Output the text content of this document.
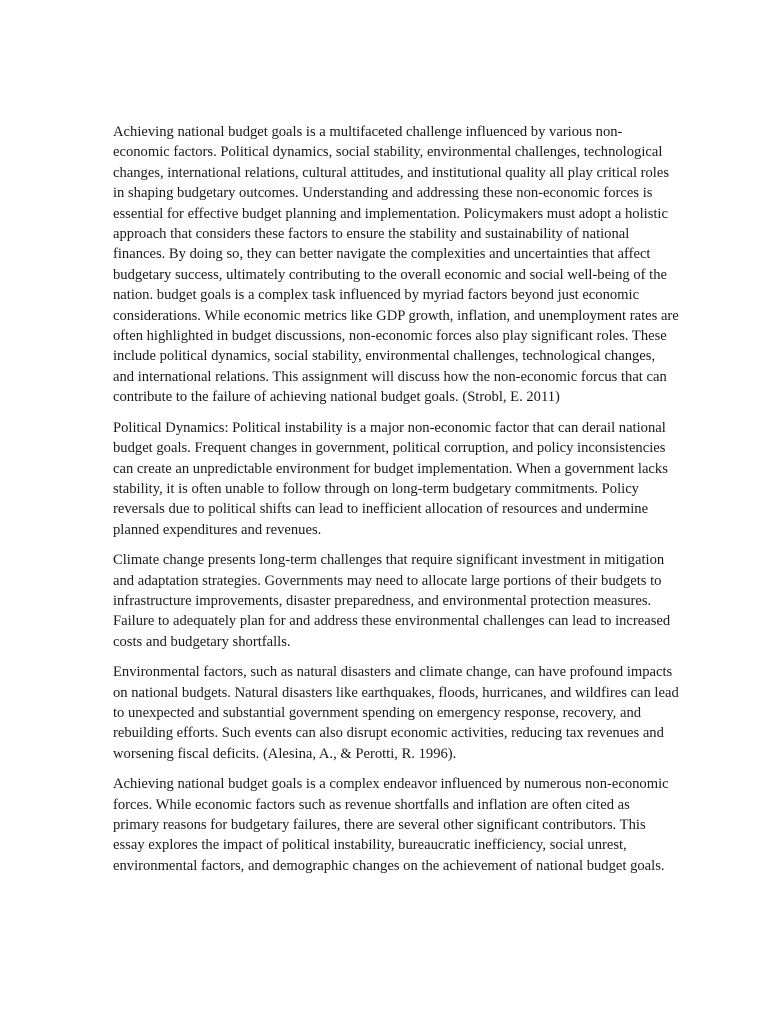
Achieving national budget goals is a multifaceted challenge influenced by various non-economic factors. Political dynamics, social stability, environmental challenges, technological changes, international relations, cultural attitudes, and institutional quality all play critical roles in shaping budgetary outcomes. Understanding and addressing these non-economic forces is essential for effective budget planning and implementation. Policymakers must adopt a holistic approach that considers these factors to ensure the stability and sustainability of national finances. By doing so, they can better navigate the complexities and uncertainties that affect budgetary success, ultimately contributing to the overall economic and social well-being of the nation. budget goals is a complex task influenced by myriad factors beyond just economic considerations. While economic metrics like GDP growth, inflation, and unemployment rates are often highlighted in budget discussions, non-economic forces also play significant roles. These include political dynamics, social stability, environmental challenges, technological changes, and international relations. This assignment will discuss how the non-economic forcus that can contribute to the failure of achieving national budget goals. (Strobl, E. 2011)

Political Dynamics: Political instability is a major non-economic factor that can derail national budget goals. Frequent changes in government, political corruption, and policy inconsistencies can create an unpredictable environment for budget implementation. When a government lacks stability, it is often unable to follow through on long-term budgetary commitments. Policy reversals due to political shifts can lead to inefficient allocation of resources and undermine planned expenditures and revenues.

Climate change presents long-term challenges that require significant investment in mitigation and adaptation strategies. Governments may need to allocate large portions of their budgets to infrastructure improvements, disaster preparedness, and environmental protection measures. Failure to adequately plan for and address these environmental challenges can lead to increased costs and budgetary shortfalls.

Environmental factors, such as natural disasters and climate change, can have profound impacts on national budgets. Natural disasters like earthquakes, floods, hurricanes, and wildfires can lead to unexpected and substantial government spending on emergency response, recovery, and rebuilding efforts. Such events can also disrupt economic activities, reducing tax revenues and worsening fiscal deficits. (Alesina, A., & Perotti, R. 1996).

Achieving national budget goals is a complex endeavor influenced by numerous non-economic forces. While economic factors such as revenue shortfalls and inflation are often cited as primary reasons for budgetary failures, there are several other significant contributors. This essay explores the impact of political instability, bureaucratic inefficiency, social unrest, environmental factors, and demographic changes on the achievement of national budget goals.
